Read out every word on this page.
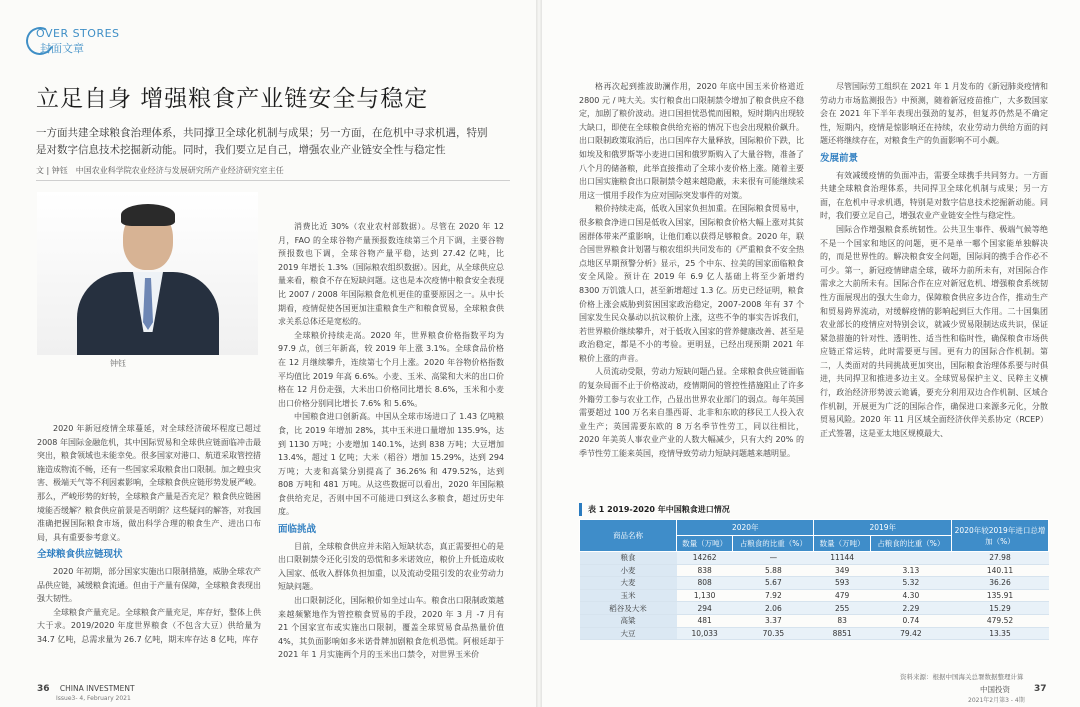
OVER STORES
封面文章
立足自身 增强粮食产业链安全与稳定
一方面共建全球粮食治理体系，共同撑卫全球化机制与成果；另一方面，在危机中寻求机遇，特别是对数字信息技术挖掘新动能。同时，我们要立足自己，增强农业产业链安全性与稳定性
文 | 钟钰　中国农业科学院农业经济与发展研究所产业经济研究室主任
钟钰

2020 年新冠疫情全球蔓延，对全球经济破坏程度已超过 2008 年国际金融危机，其中国际贸易和全球供应链面临冲击最突出，粮食领域也未能幸免。很多国家对港口、航道采取管控措施造成物流不畅，还有一些国家采取粮食出口限制。加之蝗虫灾害、极端天气等不利因素影响，全球粮食供应链形势发展严峻。那么，严峻形势的好转，全球粮食产量是否充足？粮食供应链困境能否缓解？粮食供应前景是否明朗？这些疑问的解答，对我国准确把握国际粮食市场，做出科学合理的粮食生产、进出口布局，具有重要参考意义。

全球粮食供应链现状

2020 年初期，部分国家实施出口限制措施，威胁全球农产品供应链，减缓粮食流通。但由于产量有保障，全球粮食表现出强大韧性。

全球粮食产量充足。全球粮食产量充足，库存好，整体上供大于求。2019/2020 年度世界粮食（不包含大豆）供给量为 34.7 亿吨，总需求量为 26.7 亿吨，期末库存达 8 亿吨，库存

消费比近 30%（农业农村部数据）。尽管在 2020 年 12 月，FAO 的全球谷物产量预报数连续第三个月下调，主要谷物预报数也下调，全球谷物产量平稳，达到 27.42 亿吨，比 2019 年增长 1.3%（国际粮农组织数据）。因此，从全球供应总量来看，粮食不存在短缺问题。这也是本次疫情中粮食安全表现比 2007 / 2008 年国际粮食危机更佳的重要原因之一。从中长期看，疫情促使各国更加注重粮食生产和粮食贸易，全球粮食供求关系总体还是宽松的。

全球粮价持续走高。2020 年，世界粮食价格指数平均为 97.9 点，创三年新高，较 2019 年上涨 3.1%。全球食品价格在 12 月继续攀升，连续第七个月上涨。2020 年谷物价格指数平均值比 2019 年高 6.6%。小麦、玉米、高粱和大米的出口价格在 12 月份走强，大米出口价格同比增长 8.6%，玉米和小麦出口价格分别同比增长 7.6% 和 5.6%。

中国粮食进口创新高。中国从全球市场进口了 1.43 亿吨粮食，比 2019 年增加 28%，其中玉米进口量增加 135.9%，达到 1130 万吨；小麦增加 140.1%，达到 838 万吨；大豆增加 13.4%，超过 1 亿吨；大米（稻谷）增加 15.29%，达到 294 万吨；大麦和高粱分别提高了 36.26% 和 479.52%，达到 808 万吨和 481 万吨。从这些数据可以看出，2020 年国际粮食供给充足，否则中国不可能进口到这么多粮食，超过历史年度。

面临挑战

目前，全球粮食供应并未陷入短缺状态，真正需要担心的是出口限制禁令还化引发的恐慌和多米诺效应，粮价上升低造成收入国家、低收入群体负担加重，以及流动受阻引发的农业劳动力短缺问题。

出口限制泛化，国际粮价如坐过山车。粮食出口限制政策越来越频繁地作为管控粮食贸易的手段，2020 年 3 月 -7 月有 21 个国家宣布或实施出口限制，覆盖全球贸易食品热量价值 4%，其负面影响如多米诺骨牌加剧粮食危机恐慌。阿根廷却于 2021 年 1 月实施两个月的玉米出口禁令，对世界玉米价

格再次起到推波助澜作用，2020 年底中国玉米价格道近 2800 元 / 吨大关。实行粮食出口限制禁令增加了粮食供应不稳定，加剧了粮价波动。进口国担忧恐慌而囤粮，短时期内出现较大缺口，即使在全球粮食供给充裕的情况下也会出现粮价飙升。出口限制政策取消后，出口国库存大量释放，国际粮价下跌，比如埃及和俄罗斯等小麦进口国和俄罗斯购入了大量谷物，准备了八个月的储备粮，此举直接推动了全球小麦价格上涨。随着主要出口国实施粮食出口限制禁令越来越隐蔽，未来很有可能继续采用这一惯用手段作为应对国际突发事件的对策。

粮价持续走高，低收入国家负担加重。在国际粮食贸易中，很多粮食净进口国是低收入国家，国际粮食价格大幅上涨对其贫困群体带来严重影响，让他们难以获得足够粮食。2020 年，联合国世界粮食计划署与粮农组织共同发布的《严重粮食不安全热点地区早期预警分析》显示，25 个中东、拉美的国家面临粮食安全风险。预计在 2019 年 6.9 亿人基础上将至少新增约 8300 万饥饿人口，甚至新增超过 1.3 亿。历史已经证明，粮食价格上涨会威胁到贫困国家政治稳定，2007-2008 年有 37 个国家发生民众暴动以抗议粮价上涨，这些不争的事实告诉我们，若世界粮价继续攀升，对于低收入国家的营养健康改善、甚至是政治稳定，都是不小的考验。更明显，已经出现预期 2021 年粮价上涨的声音。

人员流动受限，劳动力短缺问题凸显。全球粮食供应链面临的复杂局面不止于价格波动，疫情期间的管控性措施阻止了许多外籍劳工参与农业工作，凸显出世界农业部门的弱点。每年英国需要超过 100 万名来自墨西哥、北非和东欧的移民工人投入农业生产；英国需要东欧的 8 万名季节性劳工，同以往相比，2020 年美英人事农业产业的人数大幅减少，只有大约 20% 的季节性劳工能来英国，疫情导致劳动力短缺问题越来越明显。

尽管国际劳工组织在 2021 年 1 月发布的《新冠肺炎疫情和劳动力市场监测报告》中预测，随着新冠疫苗推广，大多数国家会在 2021 年下半年表现出强劲的复苏，但复苏仍然是不确定性，短期内，疫情是惊影响还在持续，农业劳动力供给方面的问题还将继续存在，对粮食生产的负面影响不可小觑。

发展前景

有效减缓疫情的负面冲击，需要全球携手共同努力。一方面共建全球粮食治理体系，共同捍卫全球化机制与成果；另一方面，在危机中寻求机遇，特别是对数字信息技术挖掘新动能。同时，我们要立足自己，增强农业产业链安全性与稳定性。

国际合作增强粮食系统韧性。公共卫生事件、极端气候等绝不是一个国家和地区的问题，更不是单一哪个国家能单独解决的，而是世界性的。解决粮食安全问题，国际间的携手合作必不可少。第一，新冠疫情肆虐全球，破坏力前所未有，对国际合作需求之大前所未有。国际合作在应对新冠危机、增强粮食系统韧性方面展现出的强大生命力，保障粮食供应多边合作，推动生产和贸易跨界流动，对缓解疫情的影响起到巨大作用。二十国集团农业部长的疫情应对特别会议，就减少贸易限制达成共识，保证紧急措施的针对性、透明性、适当性和临时性，确保粮食市场供应链正常运转，此时需要更与国。更有力的国际合作机制。第二，人类面对的共同挑战更加突出，国际粮食治理体系要与时俱进，共同捍卫和推进多边主义。全球贸易保护主义、民粹主义横行，政治经济形势波云诡谲，要充分利用双边合作机制、区域合作机制，开展更为广泛的国际合作，确保进口来源多元化，分散贸易风险。2020 年 11 月区域全面经济伙伴关系协定（RCEP）正式签署，这是亚太地区规模最大、

表 1 2019-2020 年中国粮食进口情况
商品名称	2020年		2019年		2020年较2019年进口总增加（%）
	数量（万吨）	占粮食的比重（%）	数量（万吨）	占粮食的比重（%）	
粮食	14262	—	11144		27.98
小麦	838	5.88	349	3.13	140.11
大麦	808	5.67	593	5.32	36.26
玉米	1,130	7.92	479	4.30	135.91
稻谷及大米	294	2.06	255	2.29	15.29
高粱	481	3.37	83	0.74	479.52
大豆	10,033	70.35	8851	79.42	13.35
资料来源：根据中国海关总署数据整理计算
36 CHINA INVESTMENT
Issue3- 4, February 2021
中国投资
2021年2月第3 - 4期
37
